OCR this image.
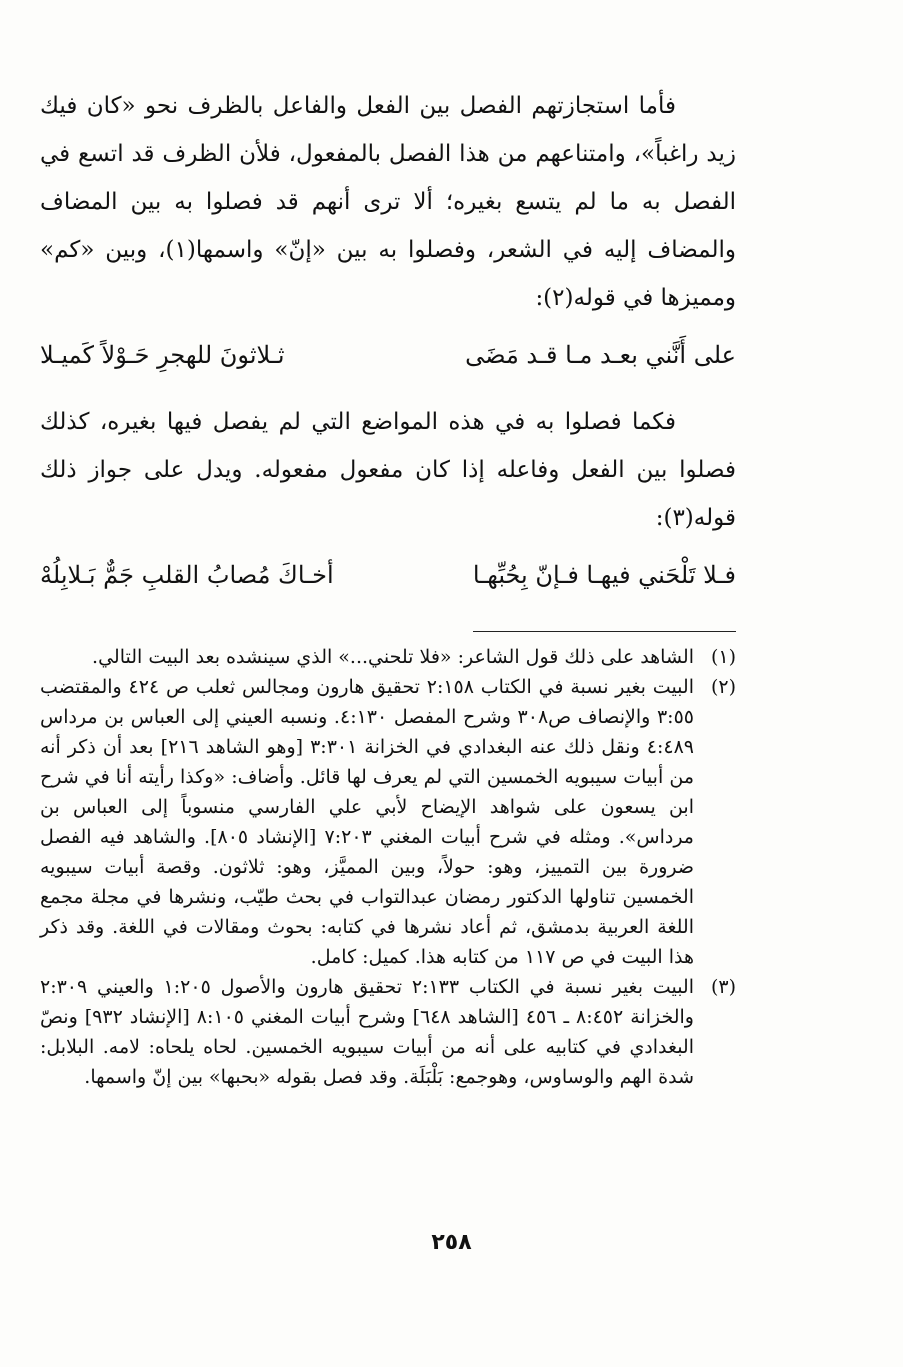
فأما استجازتهم الفصل بين الفعل والفاعل بالظرف نحو «كان فيك زيد راغباً»، وامتناعهم من هذا الفصل بالمفعول، فلأن الظرف قد اتسع في الفصل به ما لم يتسع بغيره؛ ألا ترى أنهم قد فصلوا به بين المضاف والمضاف إليه في الشعر، وفصلوا به بين «إنّ» واسمها(١)، وبين «كم» ومميزها في قوله(٢):

على أَنَّني بعـد مـا قـد مَضَى
ثـلاثونَ للهجرِ حَـوْلاً كَميـلا

فكما فصلوا به في هذه المواضع التي لم يفصل فيها بغيره، كذلك فصلوا بين الفعل وفاعله إذا كان مفعول مفعوله. ويدل على جواز ذلك قوله(٣):

فـلا تَلْحَني فيهـا فـإنّ بِحُبِّهـا
أخـاكَ مُصابُ القلبِ جَمٌّ بَـلابِلُهْ
(١)
الشاهد على ذلك قول الشاعر: «فلا تلحني...» الذي سينشده بعد البيت التالي.
(٢)
البيت بغير نسبة في الكتاب ٢:١٥٨ تحقيق هارون ومجالس ثعلب ص ٤٢٤ والمقتضب ٣:٥٥ والإنصاف ص٣٠٨ وشرح المفصل ٤:١٣٠. ونسبه العيني إلى العباس بن مرداس ٤:٤٨٩ ونقل ذلك عنه البغدادي في الخزانة ٣:٣٠١ [وهو الشاهد ٢١٦] بعد أن ذكر أنه من أبيات سيبويه الخمسين التي لم يعرف لها قائل. وأضاف: «وكذا رأيته أنا في شرح ابن يسعون على شواهد الإيضاح لأبي علي الفارسي منسوباً إلى العباس بن مرداس». ومثله في شرح أبيات المغني ٧:٢٠٣ [الإنشاد ٨٠٥]. والشاهد فيه الفصل ضرورة بين التمييز، وهو: حولاً، وبين المميَّز، وهو: ثلاثون. وقصة أبيات سيبويه الخمسين تناولها الدكتور رمضان عبدالتواب في بحث طيّب، ونشرها في مجلة مجمع اللغة العربية بدمشق، ثم أعاد نشرها في كتابه: بحوث ومقالات في اللغة. وقد ذكر هذا البيت في ص ١١٧ من كتابه هذا. كميل: كامل.
(٣)
البيت بغير نسبة في الكتاب ٢:١٣٣ تحقيق هارون والأصول ١:٢٠٥ والعيني ٢:٣٠٩ والخزانة ٨:٤٥٢ ـ ٤٥٦ [الشاهد ٦٤٨] وشرح أبيات المغني ٨:١٠٥ [الإنشاد ٩٣٢] ونصّ البغدادي في كتابيه على أنه من أبيات سيبويه الخمسين. لحاه يلحاه: لامه. البلابل: شدة الهم والوساوس، وهوجمع: بَلْبَلَة. وقد فصل بقوله «بحبها» بين إنّ واسمها.
٢٥٨
